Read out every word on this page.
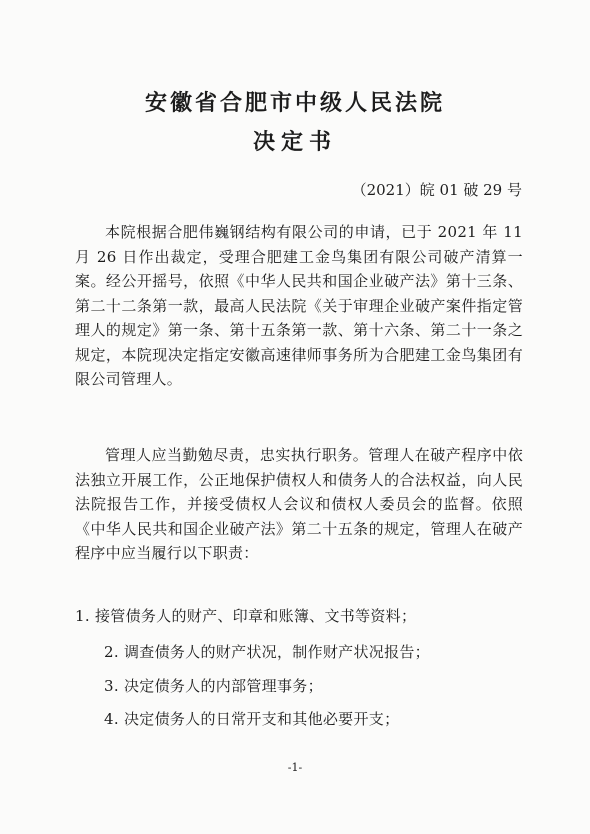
安徽省合肥市中级人民法院
决定书
（2021）皖 01 破 29 号

本院根据合肥伟巍钢结构有限公司的申请，已于 2021 年 11 月 26 日作出裁定，受理合肥建工金鸟集团有限公司破产清算一案。经公开摇号，依照《中华人民共和国企业破产法》第十三条、第二十二条第一款，最高人民法院《关于审理企业破产案件指定管理人的规定》第一条、第十五条第一款、第十六条、第二十一条之规定，本院现决定指定安徽高速律师事务所为合肥建工金鸟集团有限公司管理人。

管理人应当勤勉尽责，忠实执行职务。管理人在破产程序中依法独立开展工作，公正地保护债权人和债务人的合法权益，向人民法院报告工作，并接受债权人会议和债权人委员会的监督。依照《中华人民共和国企业破产法》第二十五条的规定，管理人在破产程序中应当履行以下职责：

1. 接管债务人的财产、印章和账簿、文书等资料；
2. 调查债务人的财产状况，制作财产状况报告；
3. 决定债务人的内部管理事务；
4. 决定债务人的日常开支和其他必要开支；
-1-
